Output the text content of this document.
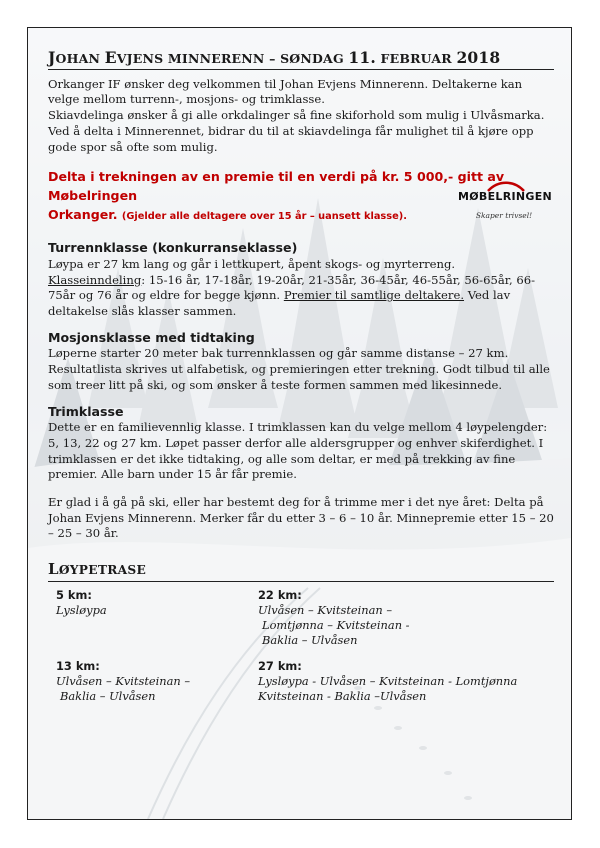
JOHAN EVJENS MINNERENN – SØNDAG 11. FEBRUAR 2018

Orkanger IF ønsker deg velkommen til Johan Evjens Minnerenn. Deltakerne kan velge mellom turrenn-, mosjons- og trimklasse.

Skiavdelinga ønsker å gi alle orkdalinger så fine skiforhold som mulig i Ulvåsmarka. Ved å delta i Minnerennet, bidrar du til at skiavdelinga får mulighet til å kjøre opp gode spor så ofte som mulig.

Delta i trekningen av en premie til en verdi på kr. 5 000,- gitt av Møbelringen
Orkanger. (Gjelder alle deltagere over 15 år – uansett klasse).
MØBELRINGEN
Skaper trivsel!
Turrennklasse (konkurranseklasse)

Løypa er 27 km lang og går i lettkupert, åpent skogs- og myrterreng.

Klasseinndeling: 15-16 år, 17-18år, 19-20år, 21-35år, 36-45år, 46-55år, 56-65år, 66-75år og 76 år og eldre for begge kjønn. Premier til samtlige deltakere. Ved lav deltakelse slås klasser sammen.

Mosjonsklasse med tidtaking

Løperne starter 20 meter bak turrennklassen og går samme distanse – 27 km. Resultatlista skrives ut alfabetisk, og premieringen etter trekning. Godt tilbud til alle som treer litt på ski, og som ønsker å teste formen sammen med likesinnede.

Trimklasse

Dette er en familievennlig klasse. I trimklassen kan du velge mellom 4 løypelengder: 5, 13, 22 og 27 km. Løpet passer derfor alle aldersgrupper og enhver skiferdighet. I trimklassen er det ikke tidtaking, og alle som deltar, er med på trekking av fine premier. Alle barn under 15 år får premie.

Er glad i å gå på ski, eller har bestemt deg for å trimme mer i det nye året: Delta på Johan Evjens Minnerenn. Merker får du etter 3 – 6 – 10 år. Minnepremie etter 15 – 20 – 25 – 30 år.

LØYPETRASE
5 km:
Lysløypa
13 km:
Ulvåsen – Kvitsteinan –
Baklia – Ulvåsen
22 km:
Ulvåsen – Kvitsteinan –
Lomtjønna – Kvitsteinan -
Baklia – Ulvåsen
27 km:
Lysløypa - Ulvåsen – Kvitsteinan - Lomtjønna
Kvitsteinan - Baklia –Ulvåsen
